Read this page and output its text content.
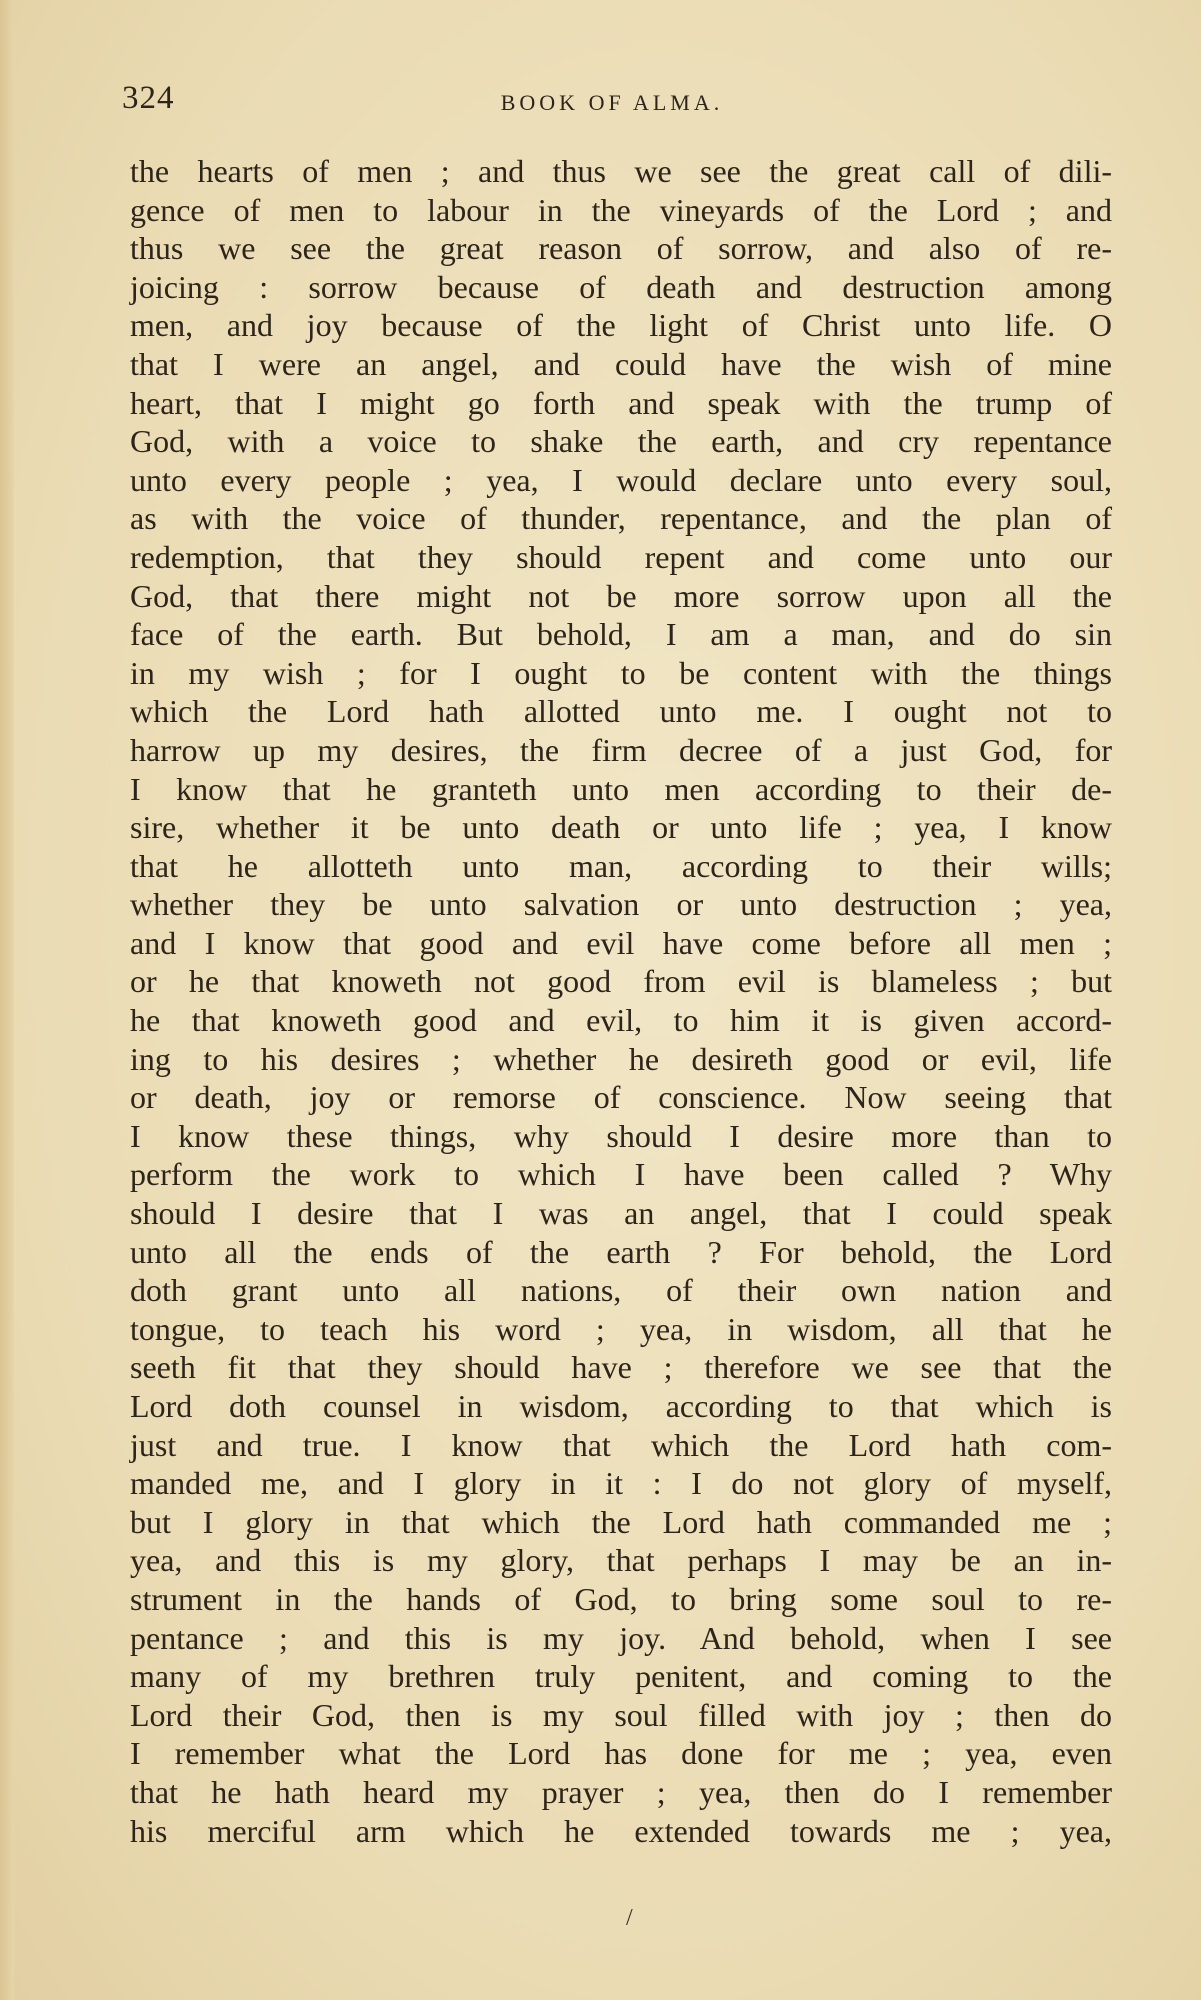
324	BOOK OF ALMA.
the hearts of men ; and thus we see the great call of dili-
gence of men to labour in the vineyards of the Lord ; and
thus we see the great reason of sorrow, and also of re-
joicing : sorrow because of death and destruction among
men, and joy because of the light of Christ unto life. O
that I were an angel, and could have the wish of mine
heart, that I might go forth and speak with the trump of
God, with a voice to shake the earth, and cry repentance
unto every people ; yea, I would declare unto every soul,
as with the voice of thunder, repentance, and the plan of
redemption, that they should repent and come unto our
God, that there might not be more sorrow upon all the
face of the earth. But behold, I am a man, and do sin
in my wish ; for I ought to be content with the things
which the Lord hath allotted unto me. I ought not to
harrow up my desires, the firm decree of a just God, for
I know that he granteth unto men according to their de-
sire, whether it be unto death or unto life ; yea, I know
that he allotteth unto man, according to their wills;
whether they be unto salvation or unto destruction ; yea,
and I know that good and evil have come before all men ;
or he that knoweth not good from evil is blameless ; but
he that knoweth good and evil, to him it is given accord-
ing to his desires ; whether he desireth good or evil, life
or death, joy or remorse of conscience. Now seeing that
I know these things, why should I desire more than to
perform the work to which I have been called ? Why
should I desire that I was an angel, that I could speak
unto all the ends of the earth ? For behold, the Lord
doth grant unto all nations, of their own nation and
tongue, to teach his word ; yea, in wisdom, all that he
seeth fit that they should have ; therefore we see that the
Lord doth counsel in wisdom, according to that which is
just and true. I know that which the Lord hath com-
manded me, and I glory in it : I do not glory of myself,
but I glory in that which the Lord hath commanded me ;
yea, and this is my glory, that perhaps I may be an in-
strument in the hands of God, to bring some soul to re-
pentance ; and this is my joy. And behold, when I see
many of my brethren truly penitent, and coming to the
Lord their God, then is my soul filled with joy ; then do
I remember what the Lord has done for me ; yea, even
that he hath heard my prayer ; yea, then do I remember
his merciful arm which he extended towards me ; yea,
/
